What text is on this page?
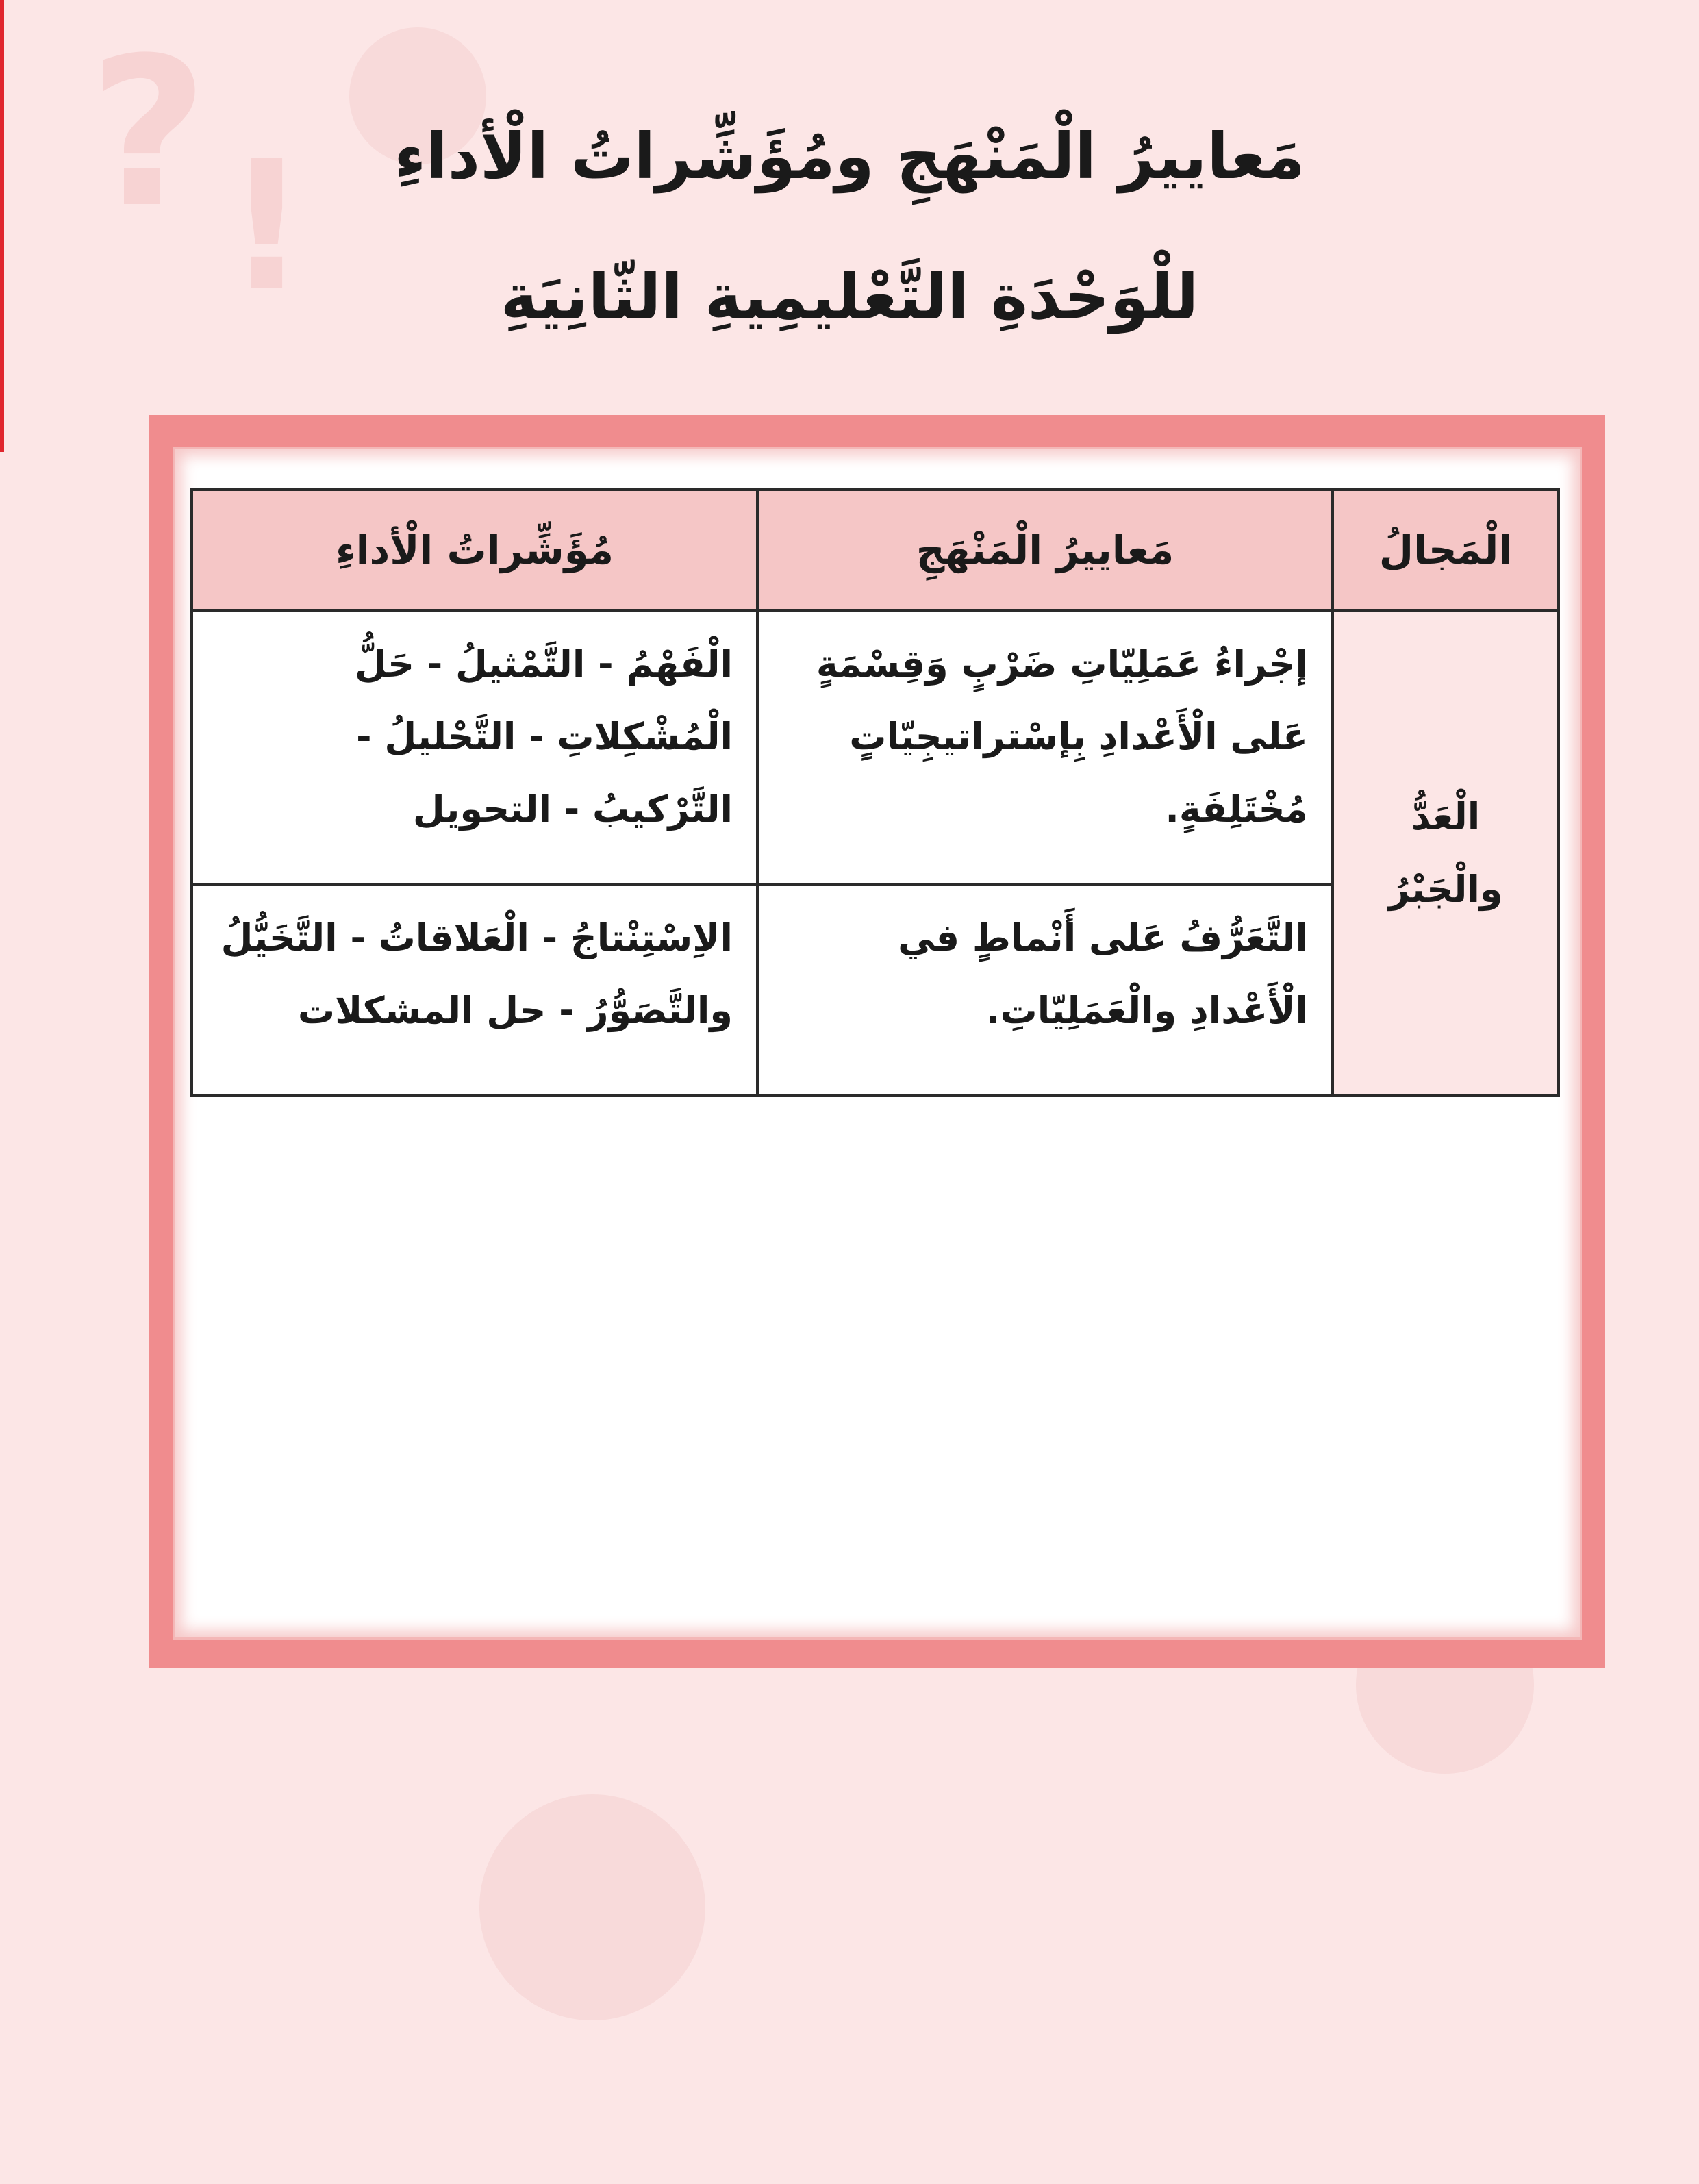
? !	مَعاييرُ الْمَنْهَجِ ومُؤَشِّراتُ الْأداءِ
للْوَحْدَةِ التَّعْليمِيةِ الثّانِيَةِ
الْمَجالُ	مَعاييرُ الْمَنْهَجِ	مُؤَشِّراتُ الْأداءِ
الْعَدُّ والْجَبْرُ	إجْراءُ عَمَلِيّاتِ ضَرْبٍ وَقِسْمَةٍ عَلى الْأَعْدادِ بِإسْتراتيجِيّاتٍ مُخْتَلِفَةٍ.	الْفَهْمُ - التَّمْثيلُ - حَلُّ الْمُشْكِلاتِ - التَّحْليلُ - التَّرْكيبُ - التحويل
	التَّعَرُّفُ عَلى أَنْماطٍ في الْأَعْدادِ والْعَمَلِيّاتِ.	الاِسْتِنْتاجُ - الْعَلاقاتُ - التَّخَيُّلُ والتَّصَوُّرُ - حل المشكلات
